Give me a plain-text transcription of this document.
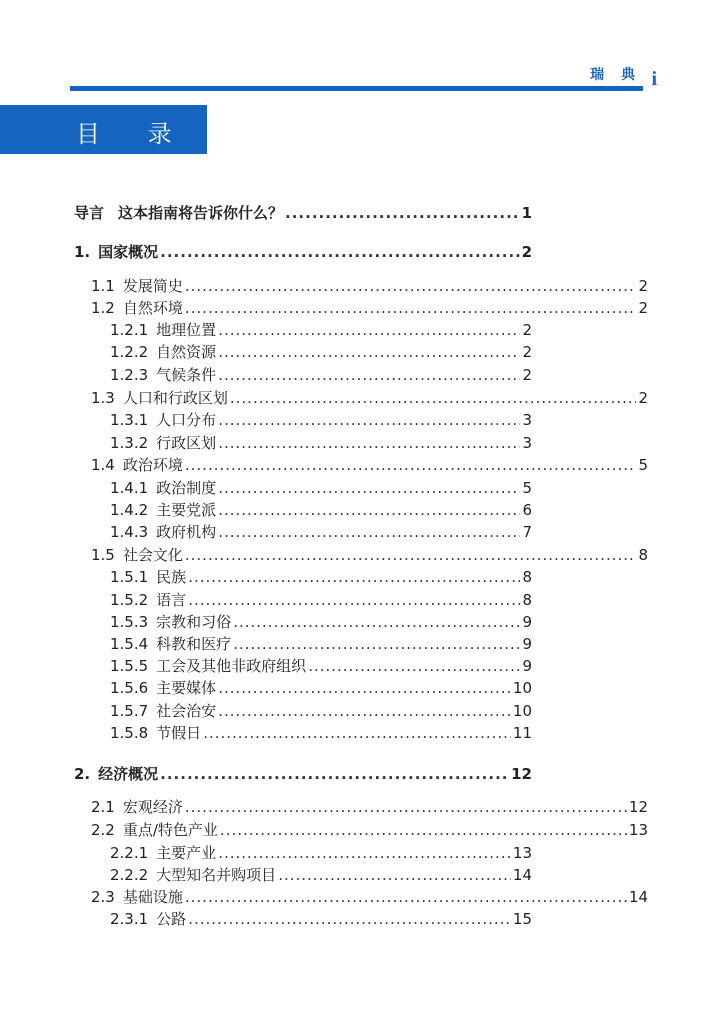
瑞 典 i
目 录
导言 这本指南将告诉你什么？ .....	1
1. 国家概况 .....	2
1.1 发展简史 .....	2
1.2 自然环境 .....	2
1.2.1 地理位置 .....	2
1.2.2 自然资源 .....	2
1.2.3 气候条件 .....	2
1.3 人口和行政区划 .....	2
1.3.1 人口分布 .....	3
1.3.2 行政区划 .....	3
1.4 政治环境 .....	5
1.4.1 政治制度 .....	5
1.4.2 主要党派 .....	6
1.4.3 政府机构 .....	7
1.5 社会文化 .....	8
1.5.1 民族 .....	8
1.5.2 语言 .....	8
1.5.3 宗教和习俗 .....	9
1.5.4 科教和医疗 .....	9
1.5.5 工会及其他非政府组织 .....	9
1.5.6 主要媒体 .....	10
1.5.7 社会治安 .....	10
1.5.8 节假日 .....	11
2. 经济概况 .....	12
2.1 宏观经济 .....	12
2.2 重点/特色产业 .....	13
2.2.1 主要产业 .....	13
2.2.2 大型知名并购项目 .....	14
2.3 基础设施 .....	14
2.3.1 公路 .....	15
